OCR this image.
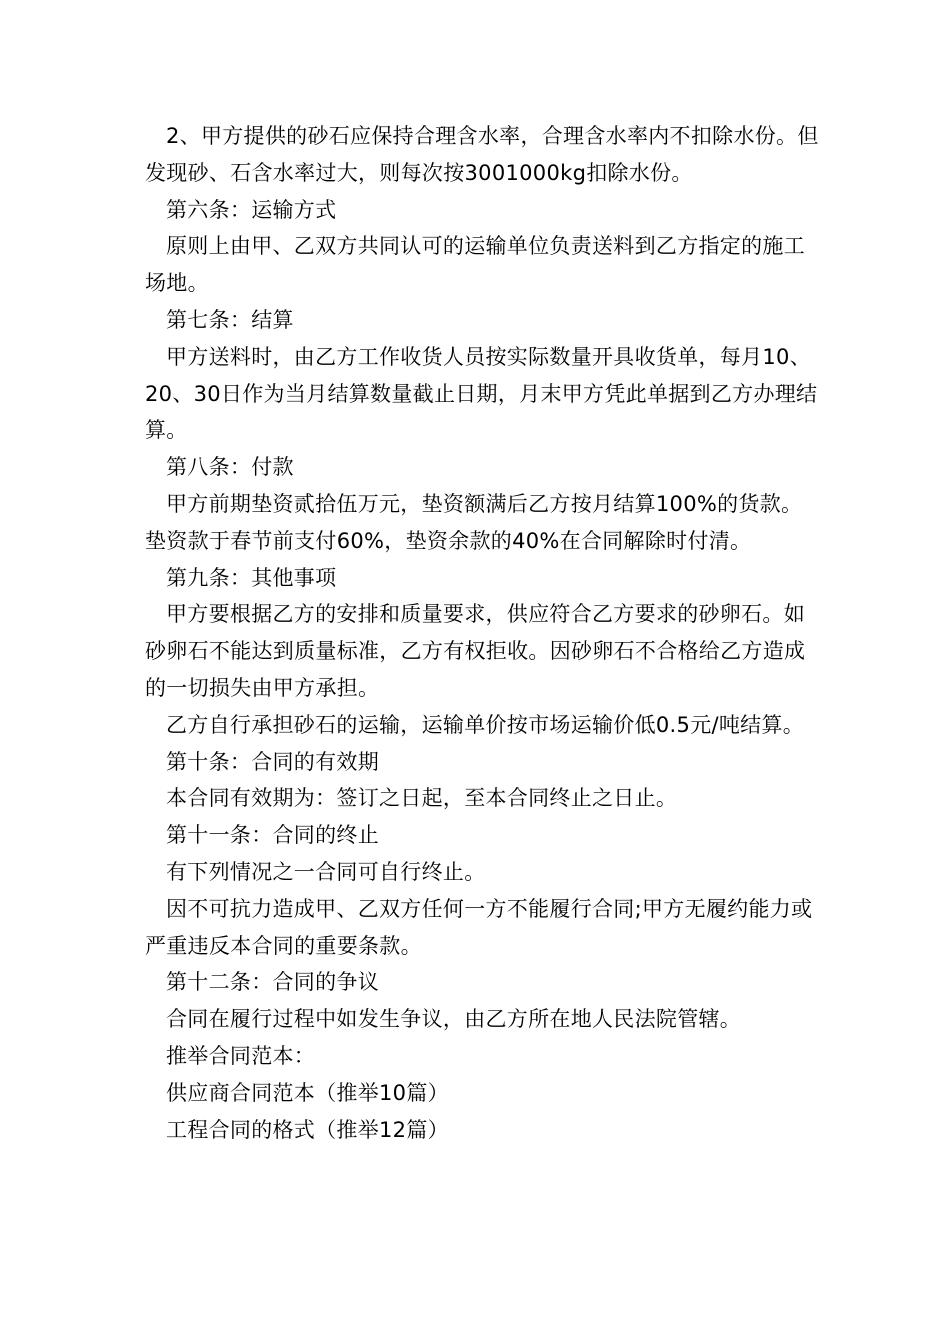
2、甲方提供的砂石应保持合理含水率，合理含水率内不扣除水份。但发现砂、石含水率过大，则每次按3001000kg扣除水份。

第六条：运输方式

原则上由甲、乙双方共同认可的运输单位负责送料到乙方指定的施工场地。

第七条：结算

甲方送料时，由乙方工作收货人员按实际数量开具收货单，每月10、20、30日作为当月结算数量截止日期，月末甲方凭此单据到乙方办理结算。

第八条：付款

甲方前期垫资贰拾伍万元，垫资额满后乙方按月结算100%的货款。垫资款于春节前支付60%，垫资余款的40%在合同解除时付清。

第九条：其他事项

甲方要根据乙方的安排和质量要求，供应符合乙方要求的砂卵石。如砂卵石不能达到质量标准，乙方有权拒收。因砂卵石不合格给乙方造成的一切损失由甲方承担。

乙方自行承担砂石的运输，运输单价按市场运输价低0.5元/吨结算。

第十条：合同的有效期

本合同有效期为：签订之日起，至本合同终止之日止。

第十一条：合同的终止

有下列情况之一合同可自行终止。

因不可抗力造成甲、乙双方任何一方不能履行合同;甲方无履约能力或严重违反本合同的重要条款。

第十二条：合同的争议

合同在履行过程中如发生争议，由乙方所在地人民法院管辖。

推举合同范本：

供应商合同范本（推举10篇）

工程合同的格式（推举12篇）
